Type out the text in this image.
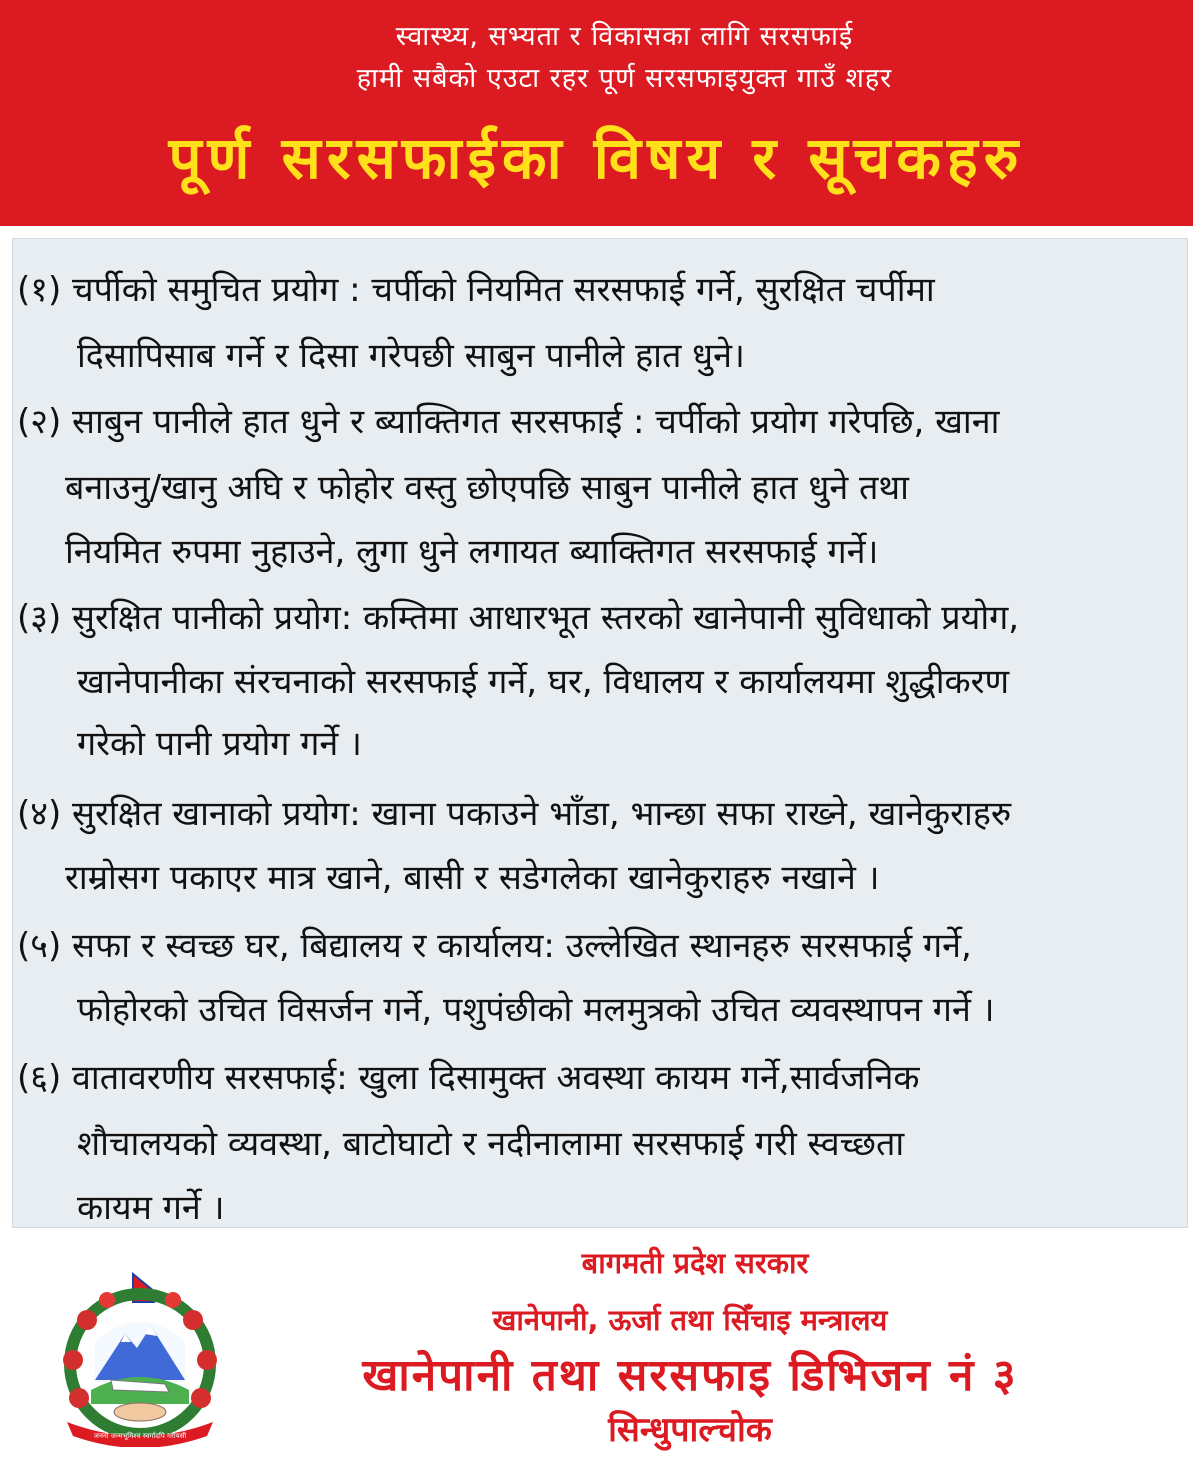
स्वास्थ्य, सभ्यता र विकासका लागि सरसफाई
हामी सबैको एउटा रहर पूर्ण सरसफाइयुक्त गाउँ शहर
पूर्ण सरसफाईका विषय र सूचकहरु
(१) चर्पीको समुचित प्रयोग : चर्पीको नियमित सरसफाई गर्ने, सुरक्षित चर्पीमा
दिसापिसाब गर्ने र दिसा गरेपछी साबुन पानीले हात धुने।
(२) साबुन पानीले हात धुने र ब्याक्तिगत सरसफाई : चर्पीको प्रयोग गरेपछि, खाना
बनाउनु/खानु अघि र फोहोर वस्तु छोएपछि साबुन पानीले हात धुने तथा
नियमित रुपमा नुहाउने, लुगा धुने लगायत ब्याक्तिगत सरसफाई गर्ने।
(३) सुरक्षित पानीको प्रयोग: कम्तिमा आधारभूत स्तरको खानेपानी सुविधाको प्रयोग,
खानेपानीका संरचनाको सरसफाई गर्ने, घर, विधालय र कार्यालयमा शुद्धीकरण
गरेको पानी प्रयोग गर्ने ।
(४) सुरक्षित खानाको प्रयोग: खाना पकाउने भाँडा, भान्छा सफा राख्ने, खानेकुराहरु
राम्रोसग पकाएर मात्र खाने, बासी र सडेगलेका खानेकुराहरु नखाने ।
(५) सफा र स्वच्छ घर, बिद्यालय र कार्यालय: उल्लेखित स्थानहरु सरसफाई गर्ने,
फोहोरको उचित विसर्जन गर्ने, पशुपंछीको मलमुत्रको उचित व्यवस्थापन गर्ने ।
(६) वातावरणीय सरसफाई: खुला दिसामुक्त अवस्था कायम गर्ने,सार्वजनिक
शौचालयको व्यवस्था, बाटोघाटो र नदीनालामा सरसफाई गरी स्वच्छता
कायम गर्ने ।
जननी जन्मभूमिश्च स्वर्गादपि गरीयसी
बागमती प्रदेश सरकार
खानेपानी, ऊर्जा तथा सिँचाइ मन्त्रालय
खानेपानी तथा सरसफाइ डिभिजन नं ३
सिन्धुपाल्चोक
